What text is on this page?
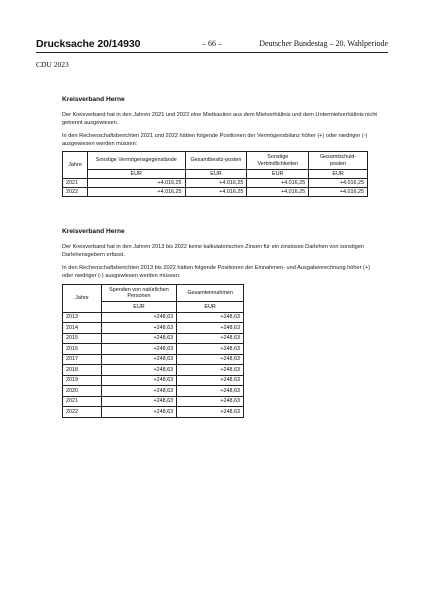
Drucksache 20/14930	– 66 –	Deutscher Bundestag – 20. Wahlperiode
CDU 2023
Kreisverband Herne

Der Kreisverband hat in den Jahren 2021 und 2022 eine Mietkaution aus dem Mietverhältnis und dem Untermietverhältnis nicht getrennt ausgewiesen.

In den Rechenschaftsberichten 2021 und 2022 hätten folgende Positionen der Vermögensbilanz höher (+) oder niedriger (-) ausgewiesen werden müssen:

Jahre	Sonstige Vermögensgegenstände	Gesamtbesitz-posten	Sonstige Verbindlichkeiten	Gesamtschuld-posten
	EUR	EUR	EUR	EUR
2021	+4.016,25	+4.016,25	+4.016,25	+4.016,25
2022	+4.016,25	+4.016,25	+4.016,25	+4.016,25
Kreisverband Herne

Der Kreisverband hat in den Jahren 2013 bis 2022 keine kalkulatorischen Zinsen für ein zinsloses Darlehen von sonstigen Darlehensgebern erfasst.

In den Rechenschaftsberichten 2013 bis 2022 hätten folgende Positionen der Einnahmen- und Ausgabenrechnung höher (+) oder niedriger (-) ausgewiesen werden müssen:

Jahre	Spenden von natürlichen Personen	Gesamteinnahmen
	EUR	EUR
2013	+248,63	+248,63
2014	+248,63	+248,63
2015	+248,63	+248,63
2016	+248,63	+248,63
2017	+248,63	+248,63
2018	+248,63	+248,63
2019	+248,63	+248,63
2020	+248,63	+248,63
2021	+248,63	+248,63
2022	+248,63	+248,63
